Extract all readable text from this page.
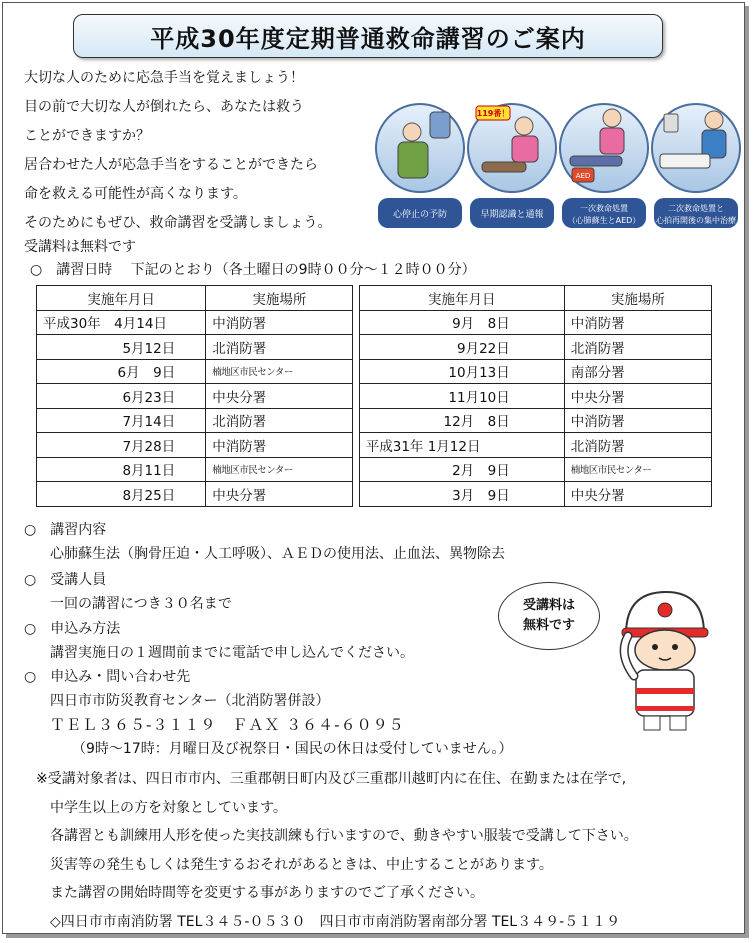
平成30年度定期普通救命講習のご案内
大切な人のために応急手当を覚えましょう！
目の前で大切な人が倒れたら、あなたは救う
ことができますか？
居合わせた人が応急手当をすることができたら
命を救える可能性が高くなります。
そのためにもぜひ、救命講習を受講しましょう。	心停止の予防
119番！
早期認識と通報
AED
一次救命処置
（心肺蘇生とAED）
二次救命処置と
心拍再開後の集中治療
受講料は無料です
○　講習日時　 下記のとおり（各土曜日の9時００分～１２時００分）
実施年月日	実施場所		実施年月日	実施場所
平成30年　4月14日	中消防署		9月　8日	中消防署
5月12日	北消防署		9月22日	北消防署
6月　9日	楠地区市民センター		10月13日	南部分署
6月23日	中央分署		11月10日	中央分署
7月14日	北消防署		12月　8日	中消防署
7月28日	中消防署		平成31年 1月12日	北消防署
8月11日	楠地区市民センター		2月　9日	楠地区市民センター
8月25日	中央分署		3月　9日	中央分署
○　講習内容
心肺蘇生法（胸骨圧迫・人工呼吸）、ＡＥＤの使用法、止血法、異物除去
○　受講人員
一回の講習につき３０名まで
○　申込み方法
講習実施日の１週間前までに電話で申し込んでください。
○　申込み・問い合わせ先
四日市市防災教育センター（北消防署併設）
ＴＥＬ３６５-３１１９　ＦＡＸ ３６４-６０９５
（9時～17時：月曜日及び祝祭日・国民の休日は受付していません。）
受講料は
無料です
※受講対象者は、四日市市内、三重郡朝日町内及び三重郡川越町内に在住、在勤または在学で,
中学生以上の方を対象としています。
各講習とも訓練用人形を使った実技訓練も行いますので、動きやすい服装で受講して下さい。
災害等の発生もしくは発生するおそれがあるときは、中止することがあります。
また講習の開始時間等を変更する事がありますのでご了承ください。
◇四日市市南消防署 TEL３４５-０５３０　四日市市南消防署南部分署 TEL３４９-５１１９
